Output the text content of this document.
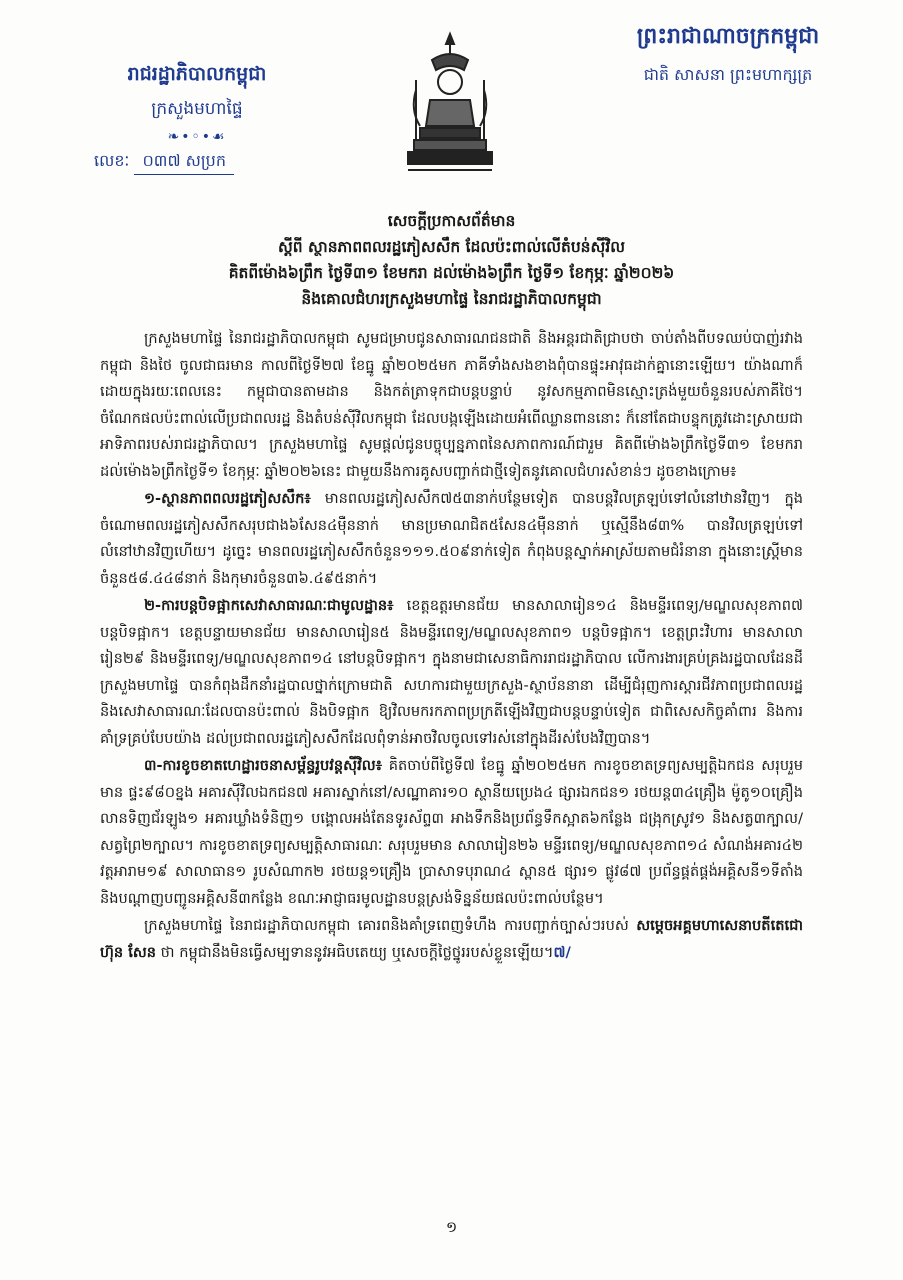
ព្រះរាជាណាចក្រកម្ពុជា
ជាតិ សាសនា ព្រះមហាក្សត្រ
រាជរដ្ឋាភិបាលកម្ពុជា
ក្រសួងមហាផ្ទៃ
❧•◦•☙
លេខៈ ០៣៧ សប្រក
សេចក្ដីប្រកាសព័ត៌មាន
ស្ដីពី ស្ថានភាពពលរដ្ឋភៀសសឹក ដែលប៉ះពាល់លើតំបន់ស៊ីវិល
គិតពីម៉ោង៦ព្រឹក ថ្ងៃទី៣១ ខែមករា ដល់ម៉ោង៦ព្រឹក ថ្ងៃទី១ ខែកុម្ភៈ ឆ្នាំ២០២៦
និងគោលជំហរក្រសួងមហាផ្ទៃ នៃរាជរដ្ឋាភិបាលកម្ពុជា

ក្រសួងមហាផ្ទៃ នៃរាជរដ្ឋាភិបាលកម្ពុជា សូមជម្រាបជូនសាធារណជនជាតិ និងអន្តរជាតិជ្រាបថា ចាប់តាំងពីបទឈប់បាញ់រវាងកម្ពុជា និងថៃ ចូលជាធរមាន កាលពីថ្ងៃទី២៧ ខែធ្នូ ឆ្នាំ២០២៥មក ភាគីទាំងសងខាងពុំបានផ្ទុះអាវុធដាក់គ្នានោះឡើយ។ យ៉ាងណាក៏ដោយក្នុងរយៈពេលនេះ កម្ពុជាបានតាមដាន និងកត់ត្រាទុកជាបន្តបន្ទាប់ នូវសកម្មភាពមិនស្មោះត្រង់មួយចំនួនរបស់ភាគីថៃ។ ចំណែកផលប៉ះពាល់លើប្រជាពលរដ្ឋ និងតំបន់ស៊ីវិលកម្ពុជា ដែលបង្កឡើងដោយអំពើឈ្លានពាននោះ ក៏នៅតែជាបន្ទុកត្រូវដោះស្រាយជាអាទិភាពរបស់រាជរដ្ឋាភិបាល។ ក្រសួងមហាផ្ទៃ សូមផ្ដល់ជូនបច្ចុប្បន្នភាពនៃសភាពការណ៍ជារួម គិតពីម៉ោង៦ព្រឹកថ្ងៃទី៣១ ខែមករា ដល់ម៉ោង៦ព្រឹកថ្ងៃទី១ ខែកុម្ភៈ ឆ្នាំ២០២៦នេះ ជាមួយនឹងការគូសបញ្ជាក់ជាថ្មីទៀតនូវគោលជំហរសំខាន់ៗ ដូចខាងក្រោម៖

១-ស្ថានភាពពលរដ្ឋភៀសសឹក៖ មានពលរដ្ឋភៀសសឹក៧៥៣នាក់បន្ថែមទៀត បានបន្តវិលត្រឡប់ទៅលំនៅឋានវិញ។ ក្នុងចំណោមពលរដ្ឋភៀសសឹកសរុបជាង៦សែន៤ម៉ឺននាក់ មានប្រមាណជិត៥សែន៤ម៉ឺននាក់ ឬស្មើនឹង៨៣% បានវិលត្រឡប់ទៅលំនៅឋានវិញហើយ។ ដូច្នេះ មានពលរដ្ឋភៀសសឹកចំនួន១១១.៥០៩នាក់ទៀត កំពុងបន្តស្នាក់អាស្រ័យតាមជំរំនានា ក្នុងនោះស្ត្រីមានចំនួន៥៨.៤៤៨នាក់ និងកុមារចំនួន៣៦.៤៩៥នាក់។

២-ការបន្តបិទផ្អាកសេវាសាធារណៈជាមូលដ្ឋាន៖ ខេត្តឧត្តរមានជ័យ មានសាលារៀន១៤ និងមន្ទីរពេទ្យ/មណ្ឌលសុខភាព៧ បន្តបិទផ្អាក។ ខេត្តបន្ទាយមានជ័យ មានសាលារៀន៥ និងមន្ទីរពេទ្យ/មណ្ឌលសុខភាព១ បន្តបិទផ្អាក។ ខេត្តព្រះវិហារ មានសាលារៀន២៩ និងមន្ទីរពេទ្យ/មណ្ឌលសុខភាព១៤ នៅបន្តបិទផ្អាក។ ក្នុងនាមជាសេនាធិការរាជរដ្ឋាភិបាល លើការងារគ្រប់គ្រងរដ្ឋបាលដែនដី ក្រសួងមហាផ្ទៃ បានកំពុងដឹកនាំរដ្ឋបាលថ្នាក់ក្រោមជាតិ សហការជាមួយក្រសួង-ស្ថាប័ននានា ដើម្បីជំរុញការស្តារជីវភាពប្រជាពលរដ្ឋ និងសេវាសាធារណៈដែលបានប៉ះពាល់ និងបិទផ្អាក ឱ្យវិលមករកភាពប្រក្រតីឡើងវិញជាបន្តបន្ទាប់ទៀត ជាពិសេសកិច្ចគាំពារ និងការគាំទ្រគ្រប់បែបយ៉ាង ដល់ប្រជាពលរដ្ឋភៀសសឹកដែលពុំទាន់អាចវិលចូលទៅរស់នៅក្នុងដីរស់បែងវិញបាន។

៣-ការខូចខាតហេដ្ឋារចនាសម្ព័ន្ធរូបវន្តស៊ីវិល៖ គិតចាប់ពីថ្ងៃទី៧ ខែធ្នូ ឆ្នាំ២០២៥មក ការខូចខាតទ្រព្យសម្បត្តិឯកជន សរុបរួមមាន ផ្ទះ៩៨០ខ្នង អគារស៊ីវិលឯកជន៧ អគារស្នាក់នៅ/សណ្ឋាគារ១០ ស្ថានីយប្រេង៤ ផ្សារឯកជន១ រថយន្ត៣៤គ្រឿង ម៉ូតូ១០គ្រឿង លានទិញជ័រឡូង១ អគារឃ្លាំងទំនិញ១ បង្គោលអង់តែនទូរស័ព្ទ៣ អាងទឹកនិងប្រព័ន្ធទឹកស្អាត៦កន្លែង ជង្រុកស្រូវ១ និងសត្វ៣ក្បាល/សត្វព្រៃ២ក្បាល។ ការខូចខាតទ្រព្យសម្បត្តិសាធារណៈ សរុបរួមមាន សាលារៀន២៦ មន្ទីរពេទ្យ/មណ្ឌលសុខភាព១៤ សំណង់អគារ៤២ វត្តអារាម១៩ សាលាធាន១ រូបសំណាក២ រថយន្ត១គ្រឿង ប្រាសាទបុរាណ៤ ស្ពាន៥ ផ្សារ១ ផ្លូវ៨៧ ប្រព័ន្ធផ្គត់ផ្គង់អគ្គិសនី១ទីតាំង និងបណ្ដាញបញ្ជូនអគ្គិសនី៣កន្លែង ខណៈអាជ្ញាធរមូលដ្ឋានបន្តស្រង់ទិន្នន័យផលប៉ះពាល់បន្ថែម។

ក្រសួងមហាផ្ទៃ នៃរាជរដ្ឋាភិបាលកម្ពុជា គោរពនិងគាំទ្រពេញទំហឹង ការបញ្ជាក់ច្បាស់ៗរបស់ សម្ដេចអគ្គមហាសេនាបតីតេជោ ហ៊ុន សែន ថា កម្ពុជានឹងមិនធ្វើសម្បទាននូវអធិបតេយ្យ ឬសេចក្តីថ្លៃថ្នូររបស់ខ្លួនឡើយ។៧/

១
